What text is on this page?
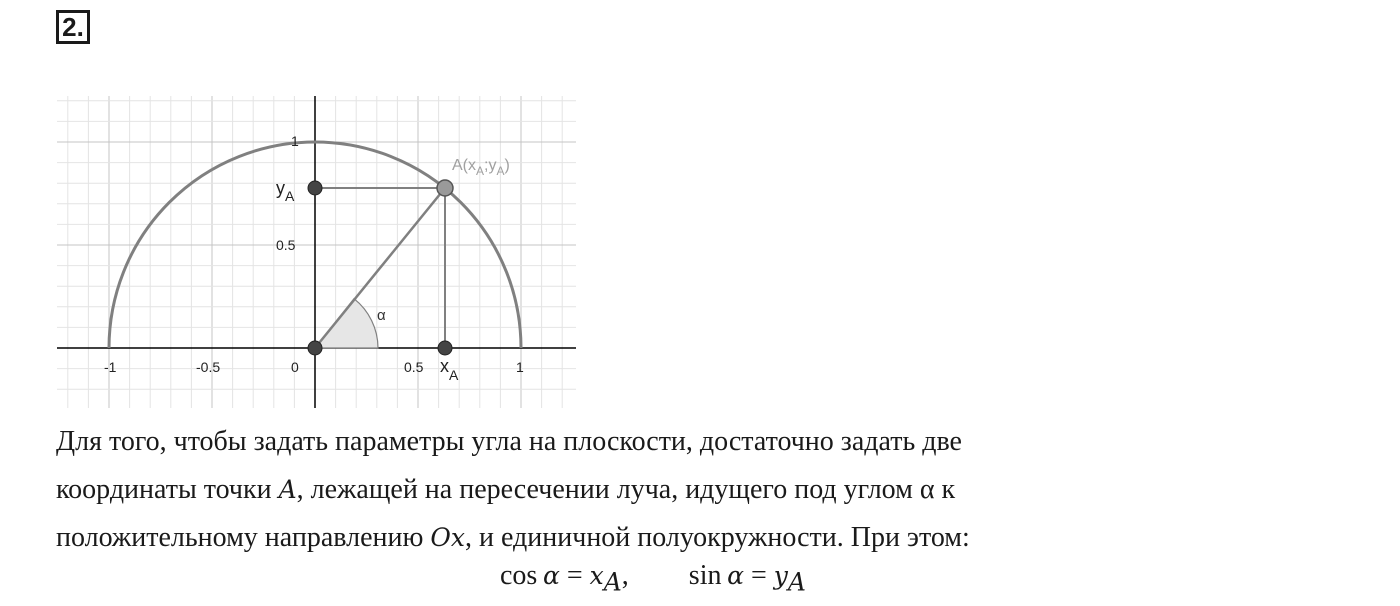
2.
-1	-0.5	0	0.5	1
0.5
1
α
$A(x_A;y_A)$
$y_A$
$x_A$

Для того, чтобы задать параметры угла на плоскости, достаточно задать две

координаты точки A, лежащей на пересечении луча, идущего под углом α к

положительному направлению Ox, и единичной полуокружности. При этом:

$\cos \alpha = x_A$, $\sin \alpha = y_A$
